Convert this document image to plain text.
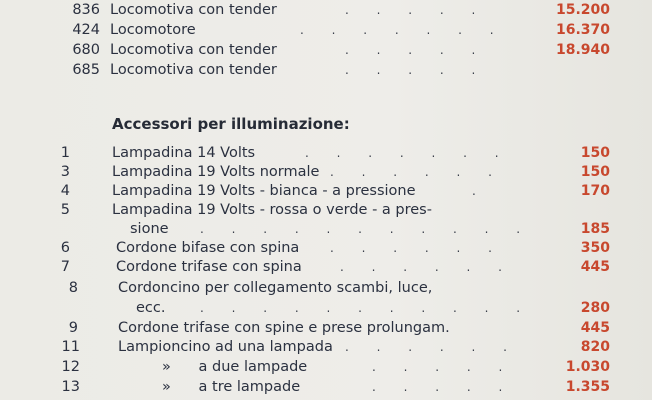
836 Locomotiva con tender	. . . . .	15.200
424 Locomotore	. . . . . . .	16.370
680 Locomotiva con tender	. . . . .	18.940
685 Locomotiva con tender	. . . . .
Accessori per illuminazione:
1	Lampadina 14 Volts	. . . . . . .	150
3	Lampadina 19 Volts normale . . . . . .	150
4	Lampadina 19 Volts - bianca - a pressione	.	170
5	Lampadina 19 Volts - rossa o verde - a pres-
sione	. . . . . . . . . . .	185
6	Cordone bifase con spina	. . . . . .	350
7	Cordone trifase con spina	. . . . . .	445
8	Cordoncino per collegamento scambi, luce,
ecc.	. . . . . . . . . . .	280
9	Cordone trifase con spine e prese prolungam.	445
11	Lampioncino ad una lampada . . . . . .	820
12	»      a due lampade	. . . . .	1.030
13	»      a tre lampade	. . . . .	1.355
